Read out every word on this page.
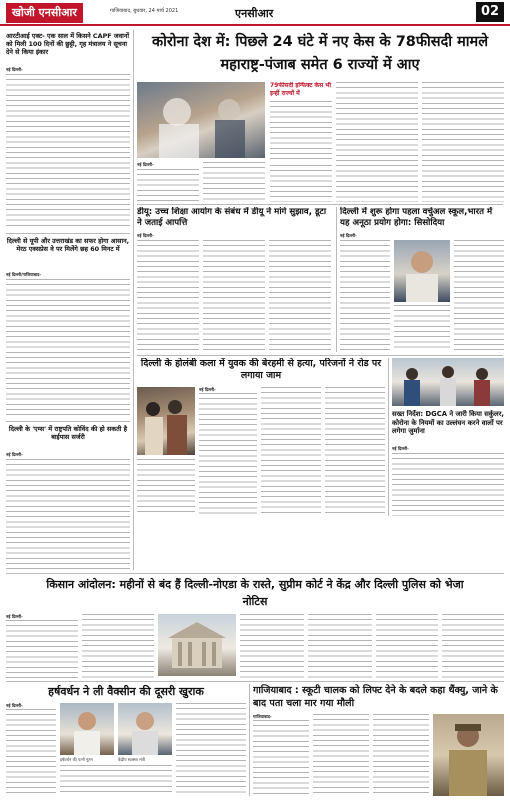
खोजी एनसीआर	गाजियाबाद, बुधवार, 24 मार्च 2021	एनसीआर	02
आरटीआई एक्ट- एक साल में किसने CAPF जवानों को मिली 100 दिनों की छुट्टी, गृह मंत्रालय ने सूचना देने से किया इंकार
नई दिल्ली-
दिल्ली से यूपी और उत्तराखंड का सफर होगा आसान, मेरठ एक्सप्रेस वे पर मिलेंगे छह 60 मिनट में
नई दिल्ली/गाजियाबाद-
दिल्ली के 'एम्स' में राष्ट्रपति कोविंद की हो सकती है बाईपास सर्जरी
नई दिल्ली-
कोरोना देश में: पिछले 24 घंटे में नए केस के 78फीसदी मामले महाराष्ट्र-पंजाब समेत 6 राज्यों में आए
79फीसदी इन्फिक्ट केस भी इन्हीं राज्यों में
नई दिल्ली-
डीयू: उच्च शिक्षा आयोग के संबंध में डीयू ने मांगे सुझाव, डूटा ने जताई आपत्ति
नई दिल्ली-
दिल्ली में शुरू होगा पहला वर्चुअल स्कूल,भारत में यह अनूठा प्रयोग होगा: सिसोदिया
नई दिल्ली-
दिल्ली के होलंबी कला में युवक की बेरहमी से हत्या, परिजनों ने रोड पर लगाया जाम
नई दिल्ली-
सख्त निर्देश: DGCA ने जारी किया सर्कुलर, कोरोना के नियमों का उल्लंघन करने वालों पर लगेगा जुर्माना
नई दिल्ली-
किसान आंदोलन: महीनों से बंद हैं दिल्ली-नोएडा के रास्ते, सुप्रीम कोर्ट ने केंद्र और दिल्ली पुलिस को भेजा नोटिस
नई दिल्ली-
हर्षवर्धन ने ली वैक्सीन की दूसरी खुराक
नई दिल्ली-
हर्षवर्धन की पत्नी नूतन	केंद्रीय स्वास्थ्य मंत्री
गाजियाबाद : स्कूटी चालक को लिफ्ट देने के बदले कहा थैंक्यु, जाने के बाद पता चला मार गया मौली
गाजियाबाद-
